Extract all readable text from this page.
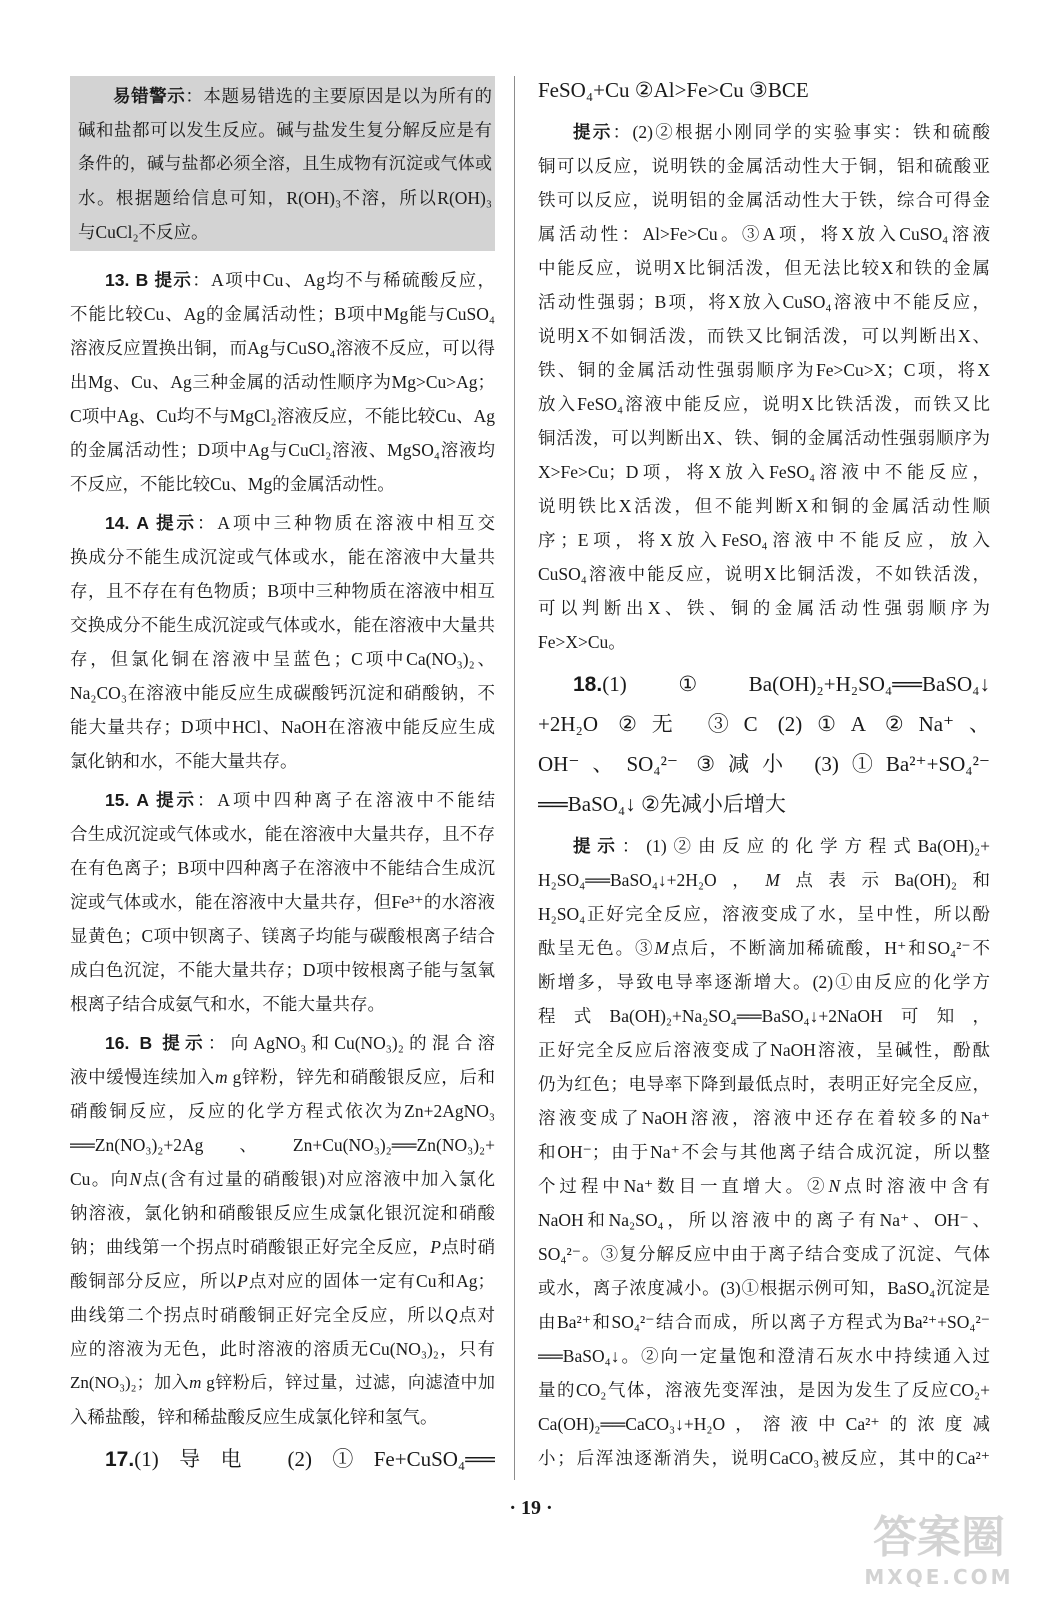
易错警示：本题易错选的主要原因是以为所有的
碱和盐都可以发生反应。碱与盐发生复分解反应是有
条件的，碱与盐都必须全溶，且生成物有沉淀或气体或
水。根据题给信息可知，R(OH)₃不溶，所以R(OH)₃
与CuCl₂不反应。
13. B 提示：A项中Cu、Ag均不与稀硫酸反应，
不能比较Cu、Ag的金属活动性；B项中Mg能与CuSO₄
溶液反应置换出铜，而Ag与CuSO₄溶液不反应，可以得
出Mg、Cu、Ag三种金属的活动性顺序为Mg>Cu>Ag；
C项中Ag、Cu均不与MgCl₂溶液反应，不能比较Cu、Ag
的金属活动性；D项中Ag与CuCl₂溶液、MgSO₄溶液均
不反应，不能比较Cu、Mg的金属活动性。
14. A 提示：A项中三种物质在溶液中相互交
换成分不能生成沉淀或气体或水，能在溶液中大量共
存，且不存在有色物质；B项中三种物质在溶液中相互
交换成分不能生成沉淀或气体或水，能在溶液中大量共
存，但氯化铜在溶液中呈蓝色；C项中Ca(NO₃)₂、
Na₂CO₃在溶液中能反应生成碳酸钙沉淀和硝酸钠，不
能大量共存；D项中HCl、NaOH在溶液中能反应生成
氯化钠和水，不能大量共存。
15. A 提示：A项中四种离子在溶液中不能结
合生成沉淀或气体或水，能在溶液中大量共存，且不存
在有色离子；B项中四种离子在溶液中不能结合生成沉
淀或气体或水，能在溶液中大量共存，但Fe³⁺的水溶液
显黄色；C项中钡离子、镁离子均能与碳酸根离子结合
成白色沉淀，不能大量共存；D项中铵根离子能与氢氧
根离子结合成氨气和水，不能大量共存。
16. B 提示：向AgNO₃和Cu(NO₃)₂的混合溶
液中缓慢连续加入m g锌粉，锌先和硝酸银反应，后和
硝酸铜反应，反应的化学方程式依次为Zn+2AgNO₃
══Zn(NO₃)₂+2Ag、Zn+Cu(NO₃)₂══Zn(NO₃)₂+
Cu。向N点(含有过量的硝酸银)对应溶液中加入氯化
钠溶液，氯化钠和硝酸银反应生成氯化银沉淀和硝酸
钠；曲线第一个拐点时硝酸银正好完全反应，P点时硝
酸铜部分反应，所以P点对应的固体一定有Cu和Ag；
曲线第二个拐点时硝酸铜正好完全反应，所以Q点对
应的溶液为无色，此时溶液的溶质无Cu(NO₃)₂，只有
Zn(NO₃)₂；加入m g锌粉后，锌过量，过滤，向滤渣中加
入稀盐酸，锌和稀盐酸反应生成氯化锌和氢气。
17.(1)导电 (2)①Fe+CuSO₄══
FeSO₄+Cu ②Al>Fe>Cu ③BCE
提示：(2)②根据小刚同学的实验事实：铁和硫酸
铜可以反应，说明铁的金属活动性大于铜，铝和硫酸亚
铁可以反应，说明铝的金属活动性大于铁，综合可得金
属活动性：Al>Fe>Cu。③A项，将X放入CuSO₄溶液
中能反应，说明X比铜活泼，但无法比较X和铁的金属
活动性强弱；B项，将X放入CuSO₄溶液中不能反应，
说明X不如铜活泼，而铁又比铜活泼，可以判断出X、
铁、铜的金属活动性强弱顺序为Fe>Cu>X；C项，将X
放入FeSO₄溶液中能反应，说明X比铁活泼，而铁又比
铜活泼，可以判断出X、铁、铜的金属活动性强弱顺序为
X>Fe>Cu；D项，将X放入FeSO₄溶液中不能反应，
说明铁比X活泼，但不能判断X和铜的金属活动性顺
序；E项，将X放入FeSO₄溶液中不能反应，放入
CuSO₄溶液中能反应，说明X比铜活泼，不如铁活泼，
可以判断出X、铁、铜的金属活动性强弱顺序为
Fe>X>Cu。
18.(1)①Ba(OH)₂+H₂SO₄══BaSO₄↓
+2H₂O ②无 ③C (2)①A ②Na⁺、
OH⁻、SO₄²⁻ ③减小 (3)①Ba²⁺+SO₄²⁻
══BaSO₄↓ ②先减小后增大
提示：(1)②由反应的化学方程式Ba(OH)₂+
H₂SO₄══BaSO₄↓+2H₂O，M点表示Ba(OH)₂和
H₂SO₄正好完全反应，溶液变成了水，呈中性，所以酚
酞呈无色。③M点后，不断滴加稀硫酸，H⁺和SO₄²⁻不
断增多，导致电导率逐渐增大。(2)①由反应的化学方
程式Ba(OH)₂+Na₂SO₄══BaSO₄↓+2NaOH可知，
正好完全反应后溶液变成了NaOH溶液，呈碱性，酚酞
仍为红色；电导率下降到最低点时，表明正好完全反应，
溶液变成了NaOH溶液，溶液中还存在着较多的Na⁺
和OH⁻；由于Na⁺不会与其他离子结合成沉淀，所以整
个过程中Na⁺数目一直增大。②N点时溶液中含有
NaOH和Na₂SO₄，所以溶液中的离子有Na⁺、OH⁻、
SO₄²⁻。③复分解反应中由于离子结合变成了沉淀、气体
或水，离子浓度减小。(3)①根据示例可知，BaSO₄沉淀是
由Ba²⁺和SO₄²⁻结合而成，所以离子方程式为Ba²⁺+SO₄²⁻
══BaSO₄↓。②向一定量饱和澄清石灰水中持续通入过
量的CO₂气体，溶液先变浑浊，是因为发生了反应CO₂+
Ca(OH)₂══CaCO₃↓+H₂O，溶液中Ca²⁺的浓度减
小；后浑浊逐渐消失，说明CaCO₃被反应，其中的Ca²⁺
· 19 ·
答案圈
MXQE.COM
